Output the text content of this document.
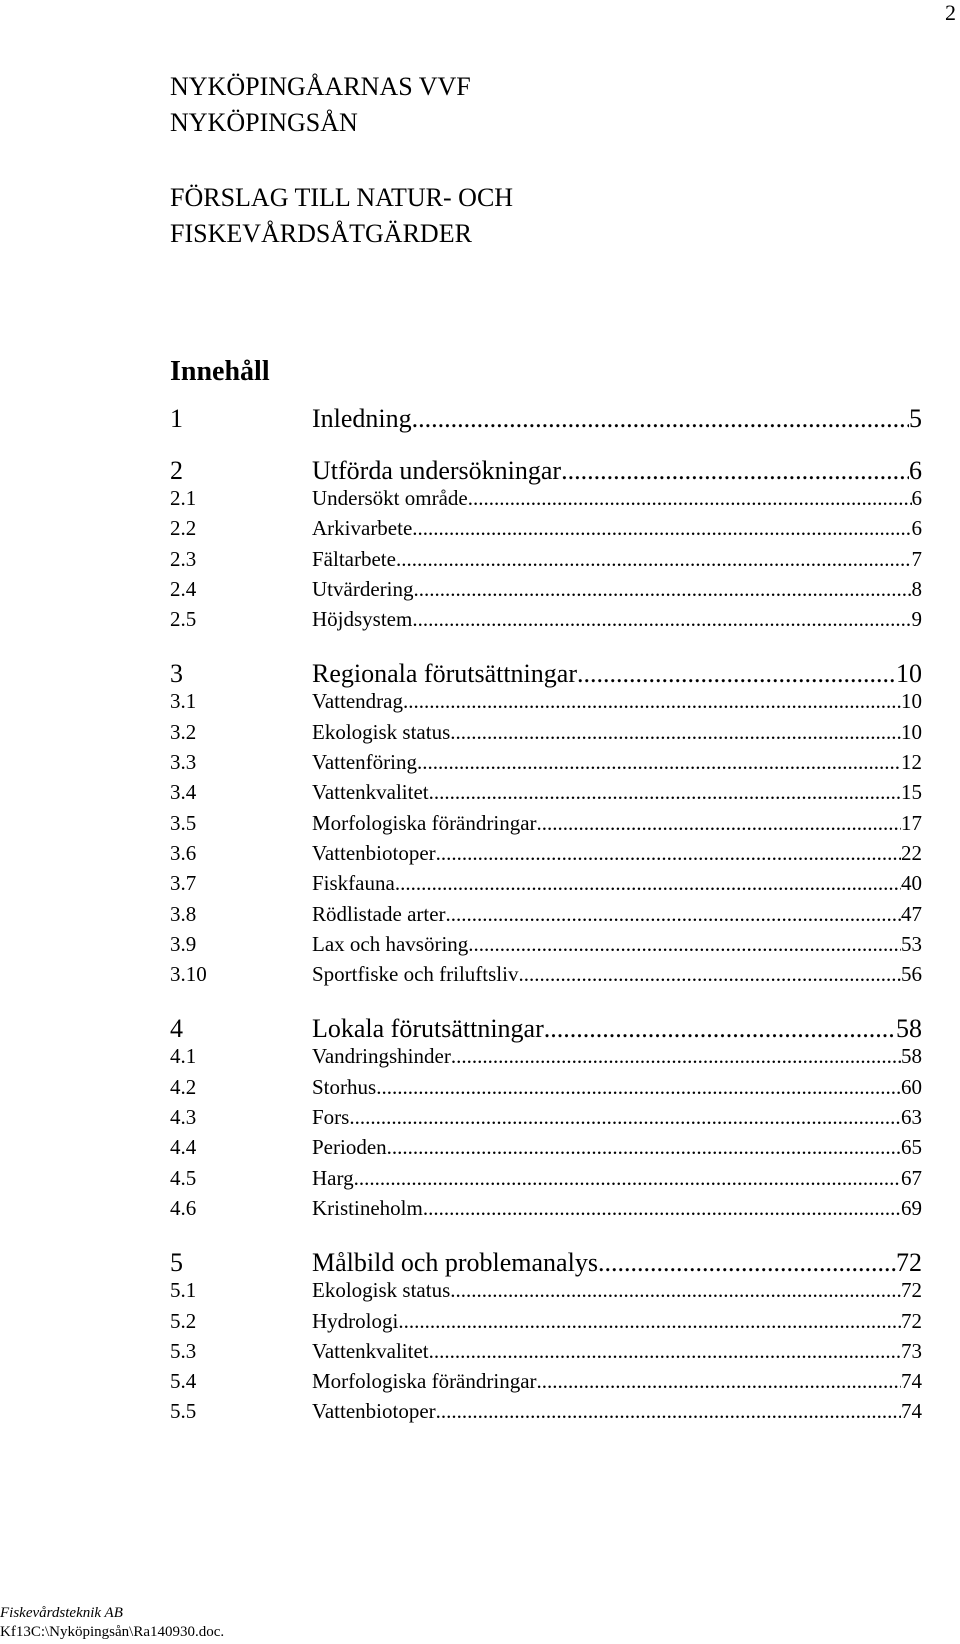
2
NYKÖPINGÅARNAS VVF
NYKÖPINGSÅN
FÖRSLAG TILL NATUR- OCH
FISKEVÅRDSÅTGÄRDER
Innehåll
1	Inledning .....	5
2	Utförda undersökningar .....	6
2.1	Undersökt område .....	6
2.2	Arkivarbete .....	6
2.3	Fältarbete .....	7
2.4	Utvärdering .....	8
2.5	Höjdsystem .....	9
3	Regionala förutsättningar .....	10
3.1	Vattendrag .....	10
3.2	Ekologisk status .....	10
3.3	Vattenföring .....	12
3.4	Vattenkvalitet .....	15
3.5	Morfologiska förändringar .....	17
3.6	Vattenbiotoper .....	22
3.7	Fiskfauna .....	40
3.8	Rödlistade arter .....	47
3.9	Lax och havsöring .....	53
3.10	Sportfiske och friluftsliv .....	56
4	Lokala förutsättningar .....	58
4.1	Vandringshinder .....	58
4.2	Storhus .....	60
4.3	Fors .....	63
4.4	Perioden .....	65
4.5	Harg .....	67
4.6	Kristineholm .....	69
5	Målbild och problemanalys .....	72
5.1	Ekologisk status .....	72
5.2	Hydrologi .....	72
5.3	Vattenkvalitet .....	73
5.4	Morfologiska förändringar .....	74
5.5	Vattenbiotoper .....	74
Fiskevårdsteknik AB
Kf13C:\Nyköpingsån\Ra140930.doc.
